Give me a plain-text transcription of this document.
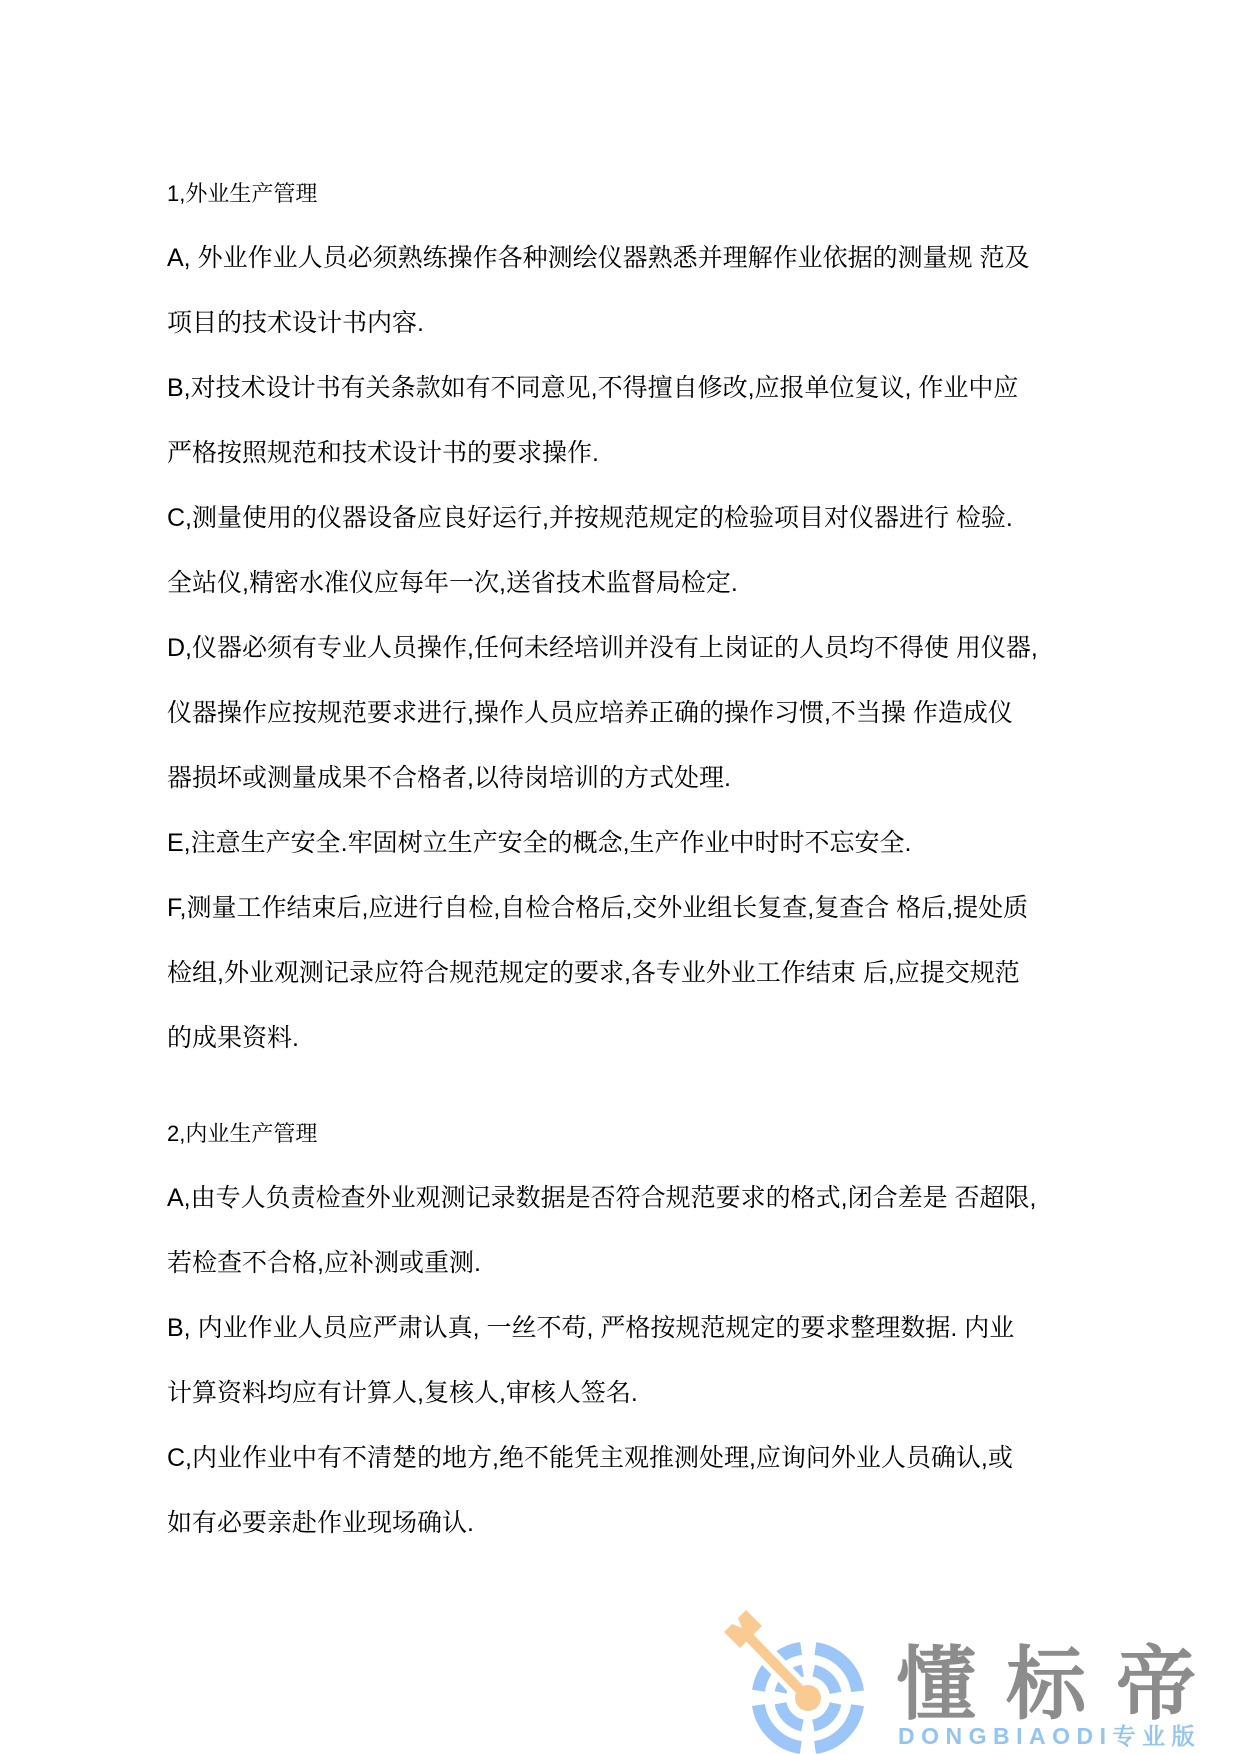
1,外业生产管理
A, 外业作业人员必须熟练操作各种测绘仪器熟悉并理解作业依据的测量规 范及
项目的技术设计书内容.
B,对技术设计书有关条款如有不同意见,不得擅自修改,应报单位复议, 作业中应
严格按照规范和技术设计书的要求操作.
C,测量使用的仪器设备应良好运行,并按规范规定的检验项目对仪器进行 检验.
全站仪,精密水准仪应每年一次,送省技术监督局检定.
D,仪器必须有专业人员操作,任何未经培训并没有上岗证的人员均不得使 用仪器,
仪器操作应按规范要求进行,操作人员应培养正确的操作习惯,不当操 作造成仪
器损坏或测量成果不合格者,以待岗培训的方式处理.
E,注意生产安全.牢固树立生产安全的概念,生产作业中时时不忘安全.
F,测量工作结束后,应进行自检,自检合格后,交外业组长复查,复查合 格后,提处质
检组,外业观测记录应符合规范规定的要求,各专业外业工作结束 后,应提交规范
的成果资料.
2,内业生产管理
A,由专人负责检查外业观测记录数据是否符合规范要求的格式,闭合差是 否超限,
若检查不合格,应补测或重测.
B, 内业作业人员应严肃认真, 一丝不苟, 严格按规范规定的要求整理数据. 内业
计算资料均应有计算人,复核人,审核人签名.
C,内业作业中有不清楚的地方,绝不能凭主观推测处理,应询问外业人员确认,或
如有必要亲赴作业现场确认.
懂标帝
DONGBIAODI专业版
